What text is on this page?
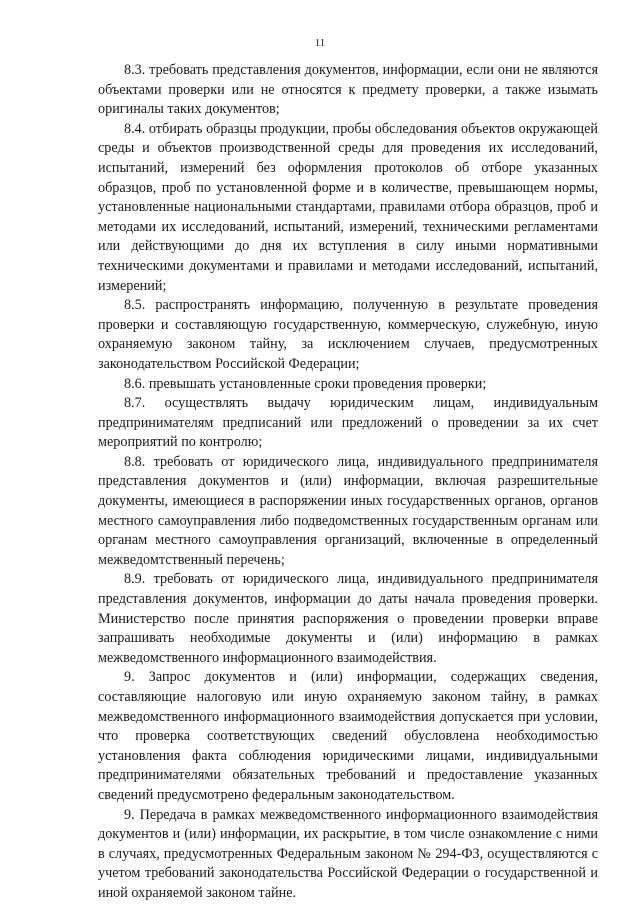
11

8.3. требовать представления документов, информации, если они не являются объектами проверки или не относятся к предмету проверки, а также изымать оригиналы таких документов;

8.4. отбирать образцы продукции, пробы обследования объектов окружающей среды и объектов производственной среды для проведения их исследований, испытаний, измерений без оформления протоколов об отборе указанных образцов, проб по установленной форме и в количестве, превышающем нормы, установленные национальными стандартами, правилами отбора образцов, проб и методами их исследований, испытаний, измерений, техническими регламентами или действующими до дня их вступления в силу иными нормативными техническими документами и правилами и методами исследований, испытаний, измерений;

8.5. распространять информацию, полученную в результате проведения проверки и составляющую государственную, коммерческую, служебную, иную охраняемую законом тайну, за исключением случаев, предусмотренных законодательством Российской Федерации;

8.6. превышать установленные сроки проведения проверки;

8.7. осуществлять выдачу юридическим лицам, индивидуальным предпринимателям предписаний или предложений о проведении за их счет мероприятий по контролю;

8.8. требовать от юридического лица, индивидуального предпринимателя представления документов и (или) информации, включая разрешительные документы, имеющиеся в распоряжении иных государственных органов, органов местного самоуправления либо подведомственных государственным органам или органам местного самоуправления организаций, включенные в определенный межведомтственный перечень;

8.9. требовать от юридического лица, индивидуального предпринимателя представления документов, информации до даты начала проведения проверки. Министерство после принятия распоряжения о проведении проверки вправе запрашивать необходимые документы и (или) информацию в рамках межведомственного информационного взаимодействия.

9. Запрос документов и (или) информации, содержащих сведения, составляющие налоговую или иную охраняемую законом тайну, в рамках межведомственного информационного взаимодействия допускается при условии, что проверка соответствующих сведений обусловлена необходимостью установления факта соблюдения юридическими лицами, индивидуальными предпринимателями обязательных требований и предоставление указанных сведений предусмотрено федеральным законодательством.

9. Передача в рамках межведомственного информационного взаимодействия документов и (или) информации, их раскрытие, в том числе ознакомление с ними в случаях, предусмотренных Федеральным законом № 294-ФЗ, осуществляются с учетом требований законодательства Российской Федерации о государственной и иной охраняемой законом тайне.
